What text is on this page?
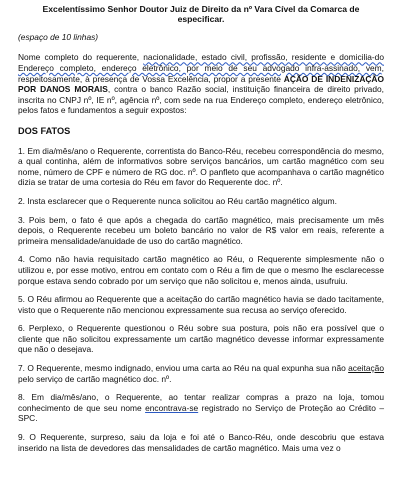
Excelentíssimo Senhor Doutor Juiz de Direito da nº Vara Cível da Comarca de especificar.
(espaço de 10 linhas)
Nome completo do requerente, nacionalidade, estado civil, profissão, residente e domicilia-do Endereço completo, endereço eletrônico, por meio de seu advogado infra-assinado, vem, respeitosamente, à presença de Vossa Excelência, propor a presente AÇÃO DE INDENIZAÇÃO POR DANOS MORAIS, contra o banco Razão social, instituição financeira de direito privado, inscrita no CNPJ nº, IE nº, agência nº, com sede na rua Endereço completo, endereço eletrônico, pelos fatos e fundamentos a seguir expostos:
DOS FATOS
1. Em dia/mês/ano o Requerente, correntista do Banco-Réu, recebeu correspondência do mesmo, a qual continha, além de informativos sobre serviços bancários, um cartão magnético com seu nome, número de CPF e número de RG doc. nº. O panfleto que acompanhava o cartão magnético dizia se tratar de uma cortesia do Réu em favor do Requerente doc. nº.
2. Insta esclarecer que o Requerente nunca solicitou ao Réu cartão magnético algum.
3. Pois bem, o fato é que após a chegada do cartão magnético, mais precisamente um mês depois, o Requerente recebeu um boleto bancário no valor de R$ valor em reais, referente a primeira mensalidade/anuidade de uso do cartão magnético.
4. Como não havia requisitado cartão magnético ao Réu, o Requerente simplesmente não o utilizou e, por esse motivo, entrou em contato com o Réu a fim de que o mesmo lhe esclarecesse porque estava sendo cobrado por um serviço que não solicitou e, menos ainda, usufruiu.
5. O Réu afirmou ao Requerente que a aceitação do cartão magnético havia se dado tacitamente, visto que o Requerente não mencionou expressamente sua recusa ao serviço oferecido.
6. Perplexo, o Requerente questionou o Réu sobre sua postura, pois não era possível que o cliente que não solicitou expressamente um cartão magnético devesse informar expressamente que não o desejava.
7. O Requerente, mesmo indignado, enviou uma carta ao Réu na qual expunha sua não aceitação pelo serviço de cartão magnético doc. nº.
8. Em dia/mês/ano, o Requerente, ao tentar realizar compras a prazo na loja, tomou conhecimento de que seu nome encontrava-se registrado no Serviço de Proteção ao Crédito – SPC.
9. O Requerente, surpreso, saiu da loja e foi até o Banco-Réu, onde descobriu que estava inserido na lista de devedores das mensalidades de cartão magnético. Mais uma vez o
